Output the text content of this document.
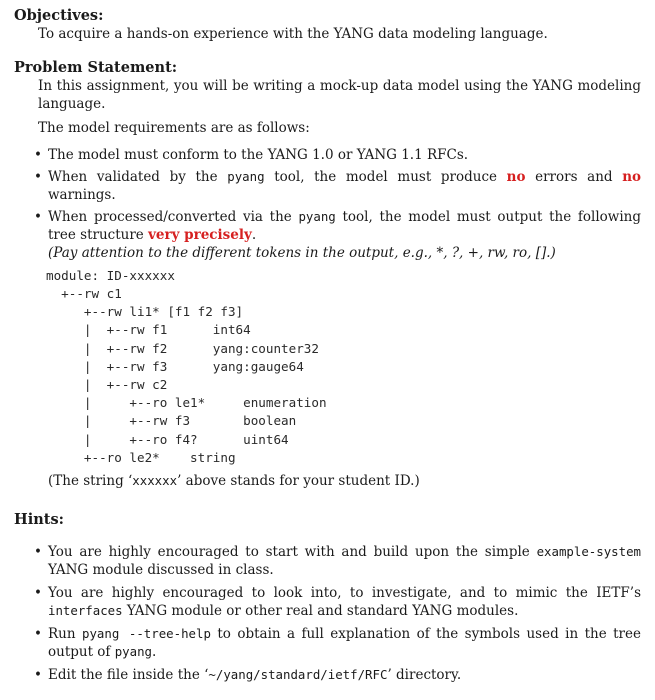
Objectives:

To acquire a hands-on experience with the YANG data modeling language.

Problem Statement:

In this assignment, you will be writing a mock-up data model using the YANG modeling language.

The model requirements are as follows:

• The model must conform to the YANG 1.0 or YANG 1.1 RFCs.
• When validated by the pyang tool, the model must produce no errors and no warnings.
• When processed/converted via the pyang tool, the model must output the following tree structure very precisely.
(Pay attention to the different tokens in the output, e.g., *, ?, +, rw, ro, [].)
module: ID-xxxxxx
+--rw c1
+--rw li1* [f1 f2 f3]
|  +--rw f1      int64
|  +--rw f2      yang:counter32
|  +--rw f3      yang:gauge64
|  +--rw c2
|     +--ro le1*     enumeration
|     +--rw f3       boolean
|     +--ro f4?      uint64
+--ro le2*    string

(The string ‘xxxxxx’ above stands for your student ID.)

Hints:
• You are highly encouraged to start with and build upon the simple example-system YANG module discussed in class.
• You are highly encouraged to look into, to investigate, and to mimic the IETF’s interfaces YANG module or other real and standard YANG modules.
• Run pyang --tree-help to obtain a full explanation of the symbols used in the tree output of pyang.
• Edit the file inside the ‘~/yang/standard/ietf/RFC’ directory.
